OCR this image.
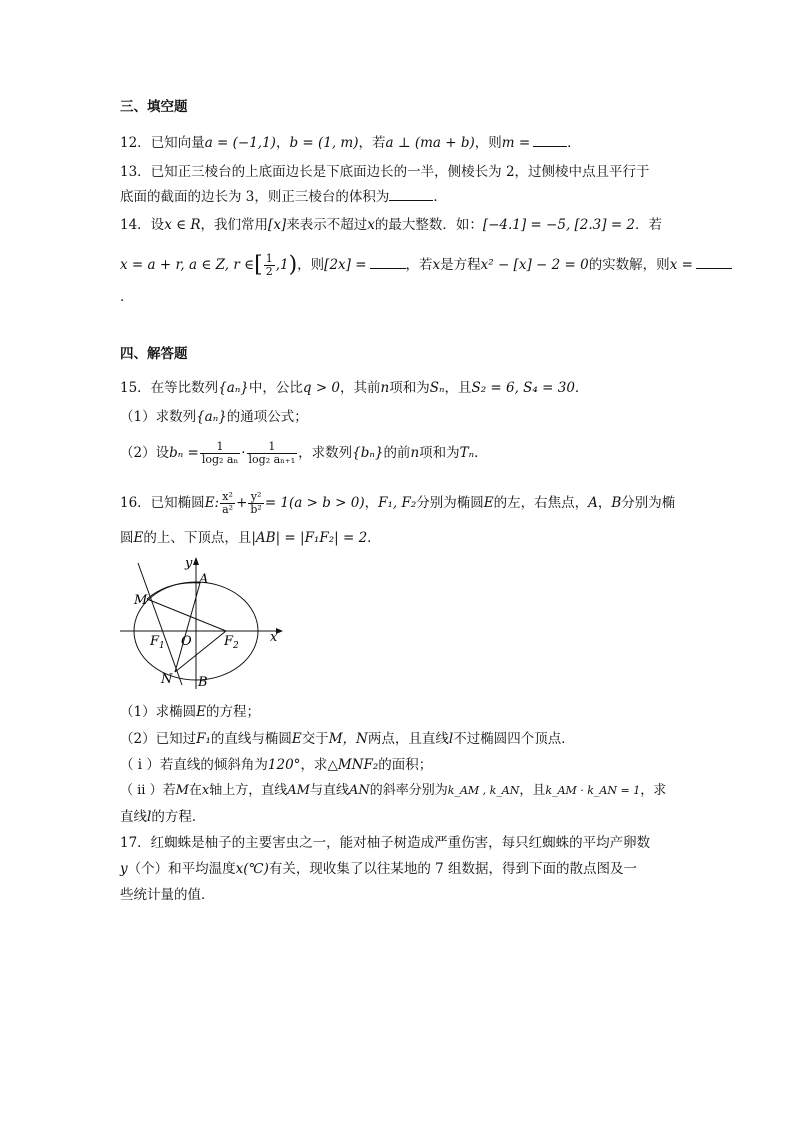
三、填空题
12．已知向量a = (−1,1)，b = (1, m)，若a ⊥ (ma + b)，则m =	．
13．已知正三棱台的上底面边长是下底面边长的一半，侧棱长为 2，过侧棱中点且平行于
底面的截面的边长为 3，则正三棱台的体积为	．
14．设x ∈ R，我们常用[x]来表示不超过x的最大整数．如：[−4.1] = −5, [2.3] = 2．若
x = a + r, a ∈ Z, r ∈[ $\frac{1}{2} ,1$)，则[2x] =	，若x是方程x² − [x] − 2 = 0的实数解，则x =
．
四、解答题
15．在等比数列{aₙ}中，公比q > 0，其前n项和为Sₙ，且S₂ = 6, S₄ = 30．
（1）求数列{aₙ}的通项公式；
（2）设$b_n = \frac{1}{\text{log₂ aₙ}} \cdot \frac{1}{\text{log₂ aₙ₊₁}}$ ，求数列{bₙ}的前n项和为Tₙ．
16．已知椭圆E: $\frac{\text{x²}}{\text{a²}} + \frac{\text{y²}}{\text{b²}} = 1(a > b > 0)$，F₁, F₂分别为椭圆E的左，右焦点，A，B分别为椭
圆E的上、下顶点，且|AB| = |F₁F₂| = 2．
y
A
M
F 1 O F 2
x
N B
（1）求椭圆E的方程；
（2）已知过F₁的直线与椭圆E交于M，N两点，且直线l不过椭圆四个顶点．
（ i ）若直线的倾斜角为120°，求△MNF₂的面积；
（ ii ）若M在x轴上方，直线AM与直线AN的斜率分别为k_AM , k_AN，且k_AM · k_AN = 1，求
直线l的方程．
17．红蜘蛛是柚子的主要害虫之一，能对柚子树造成严重伤害，每只红蜘蛛的平均产卵数
y（个）和平均温度x(℃)有关，现收集了以往某地的 7 组数据，得到下面的散点图及一
些统计量的值．
